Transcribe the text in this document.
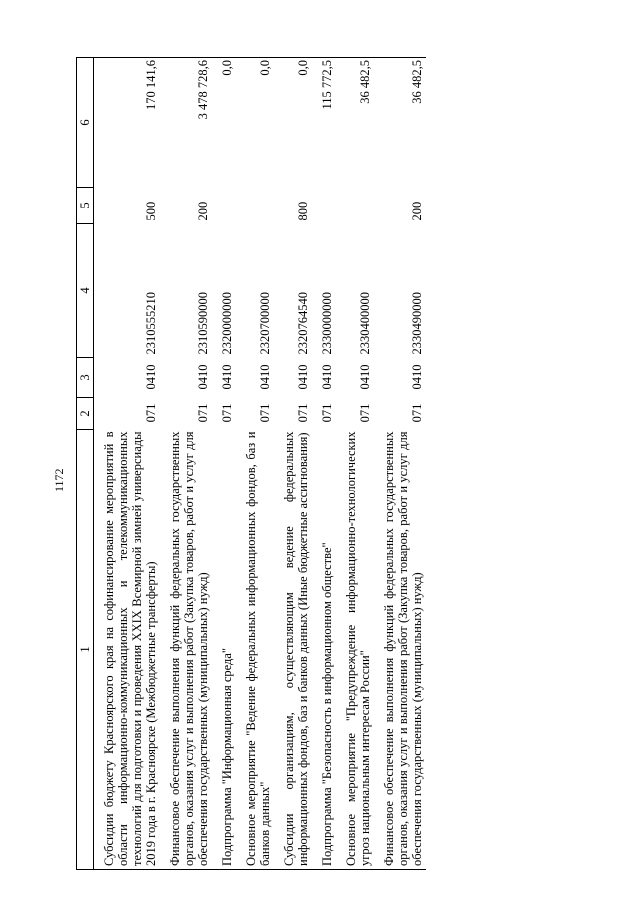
1172
1	2	3	4	5	6
Субсидии бюджету Красноярского края на софинансирование мероприятий в области информационно-коммуникационных и телекоммуникационных технологий для подготовки и проведения XXIX Всемирной зимней универсиады 2019 года в г. Красноярске (Межбюджетные трансферты)	071	0410	2310555210	500	170 141,6
Финансовое обеспечение выполнения функций федеральных государственных органов, оказания услуг и выполнения работ (Закупка товаров, работ и услуг для обеспечения государственных (муниципальных) нужд)	071	0410	2310590000	200	3 478 728,6
Подпрограмма "Информационная среда"	071	0410	2320000000		0,0
Основное мероприятие "Ведение федеральных информационных фондов, баз и банков данных"	071	0410	2320700000		0,0
Субсидии организациям, осуществляющим ведение федеральных информационных фондов, баз и банков данных (Иные бюджетные ассигнования)	071	0410	2320764540	800	0,0
Подпрограмма "Безопасность в информационном обществе"	071	0410	2330000000		115 772,5
Основное мероприятие "Предупреждение информационно-технологических угроз национальным интересам России"	071	0410	2330400000		36 482,5
Финансовое обеспечение выполнения функций федеральных государственных органов, оказания услуг и выполнения работ (Закупка товаров, работ и услуг для обеспечения государственных (муниципальных) нужд)	071	0410	2330490000	200	36 482,5
